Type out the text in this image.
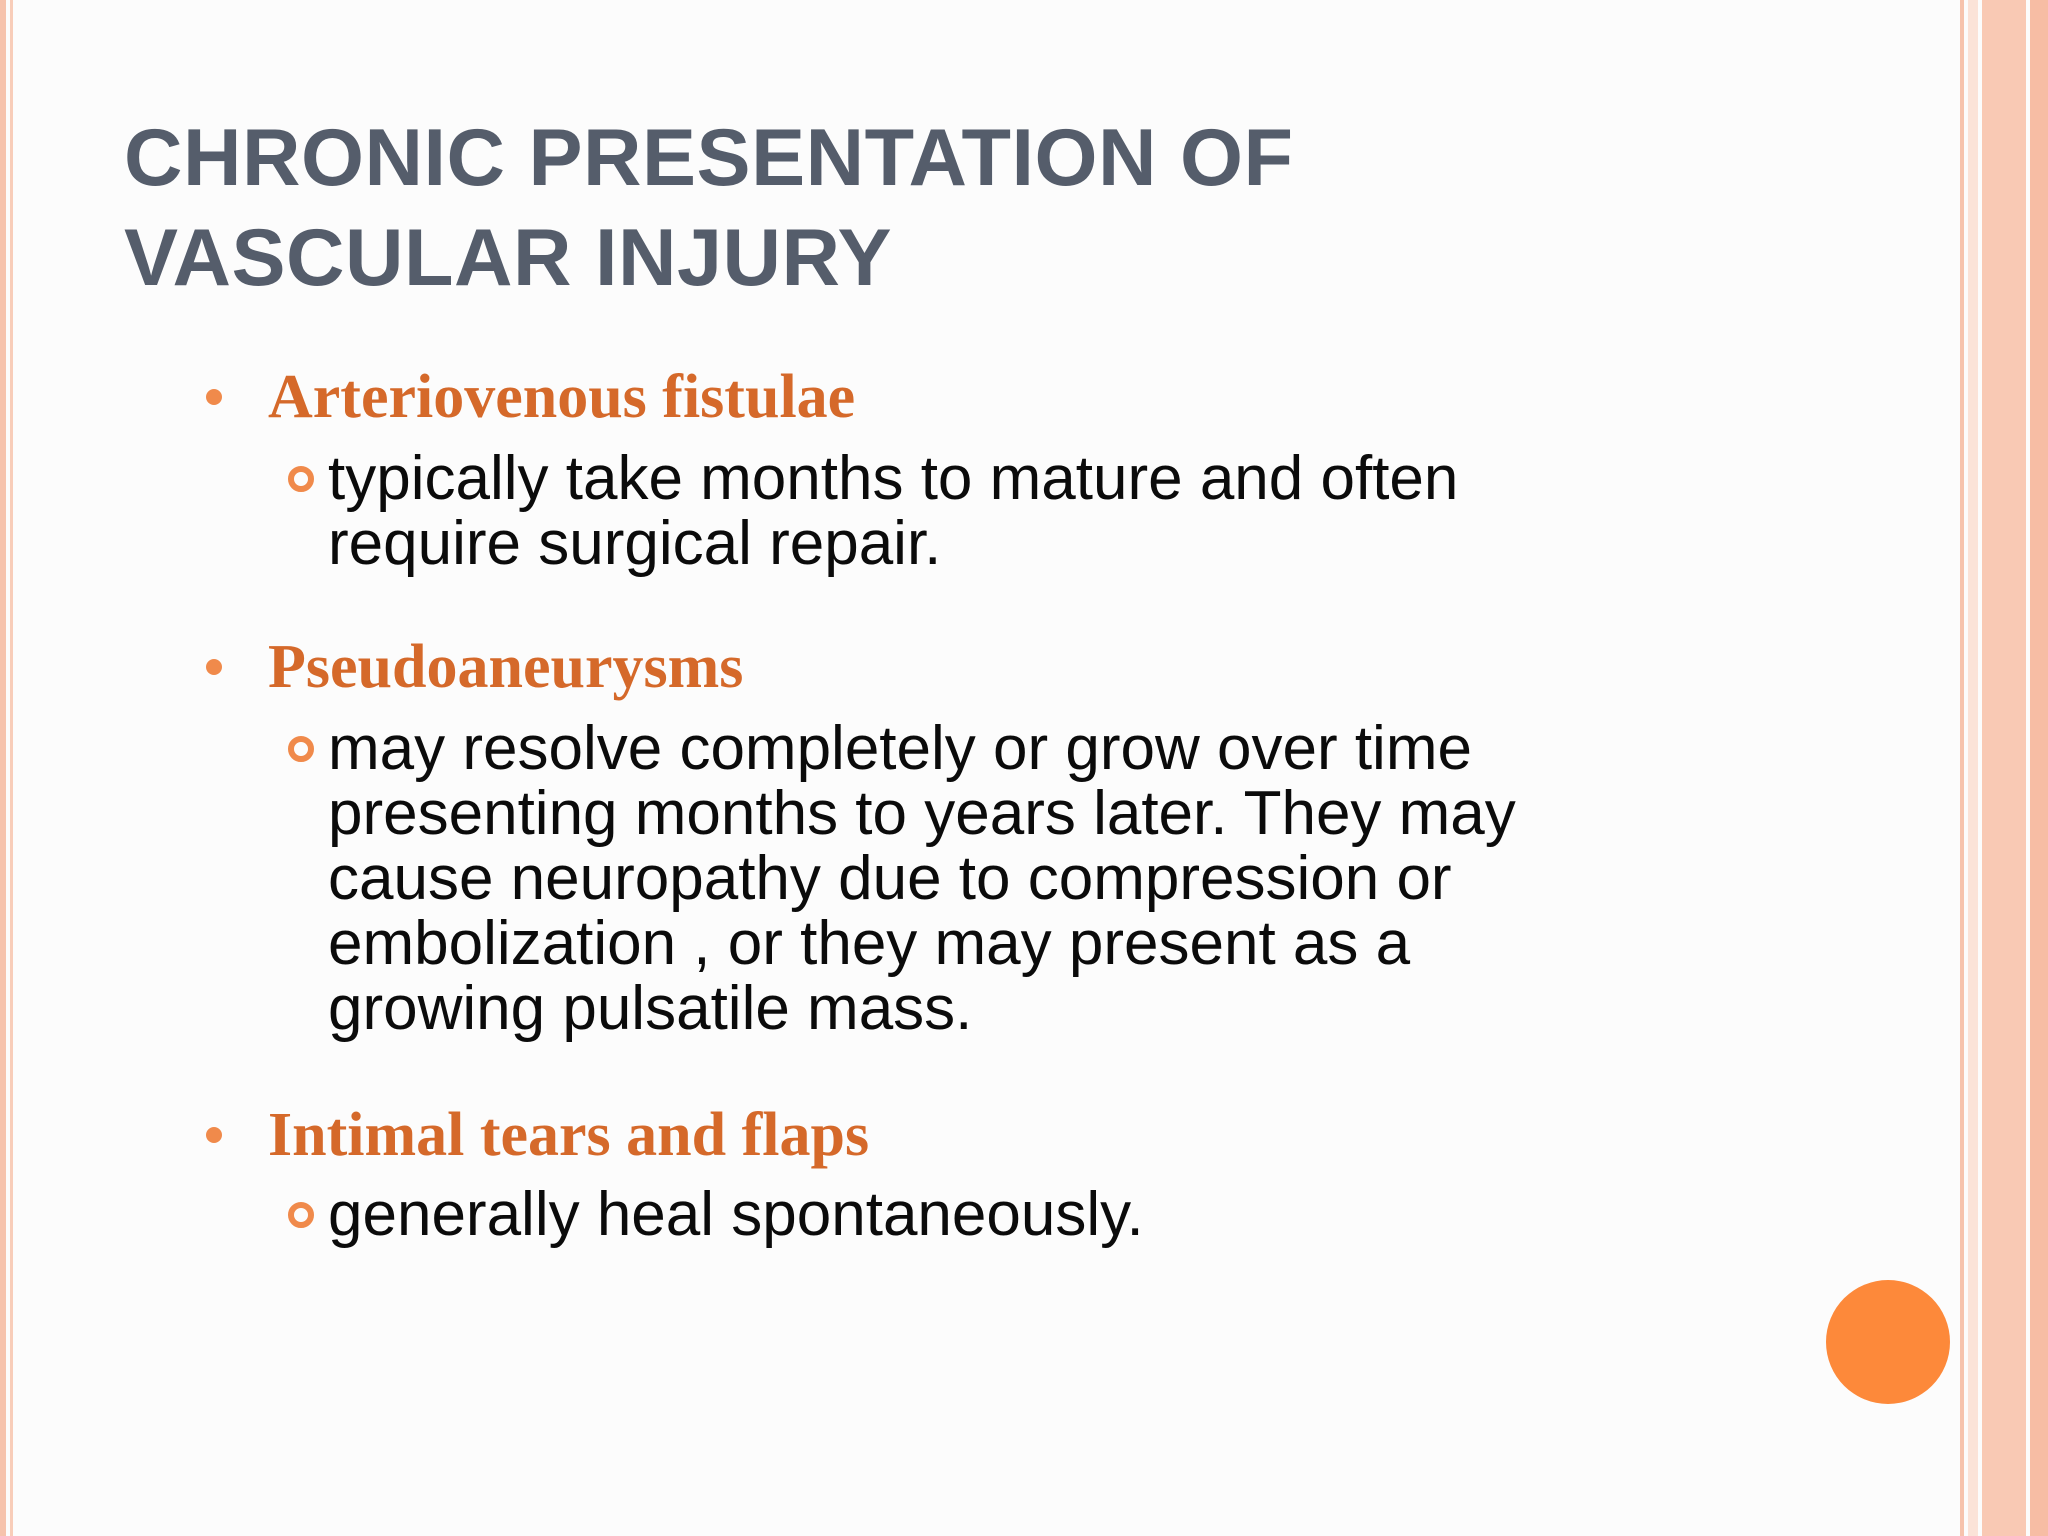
CHRONIC PRESENTATION OF
VASCULAR INJURY
Arteriovenous fistulae

typically take months to mature and often
require surgical repair.

Pseudoaneurysms

may resolve completely or grow over time
presenting months to years later. They may
cause neuropathy due to compression or
embolization , or they may present as a
growing pulsatile mass.

Intimal tears and flaps

generally heal spontaneously.
